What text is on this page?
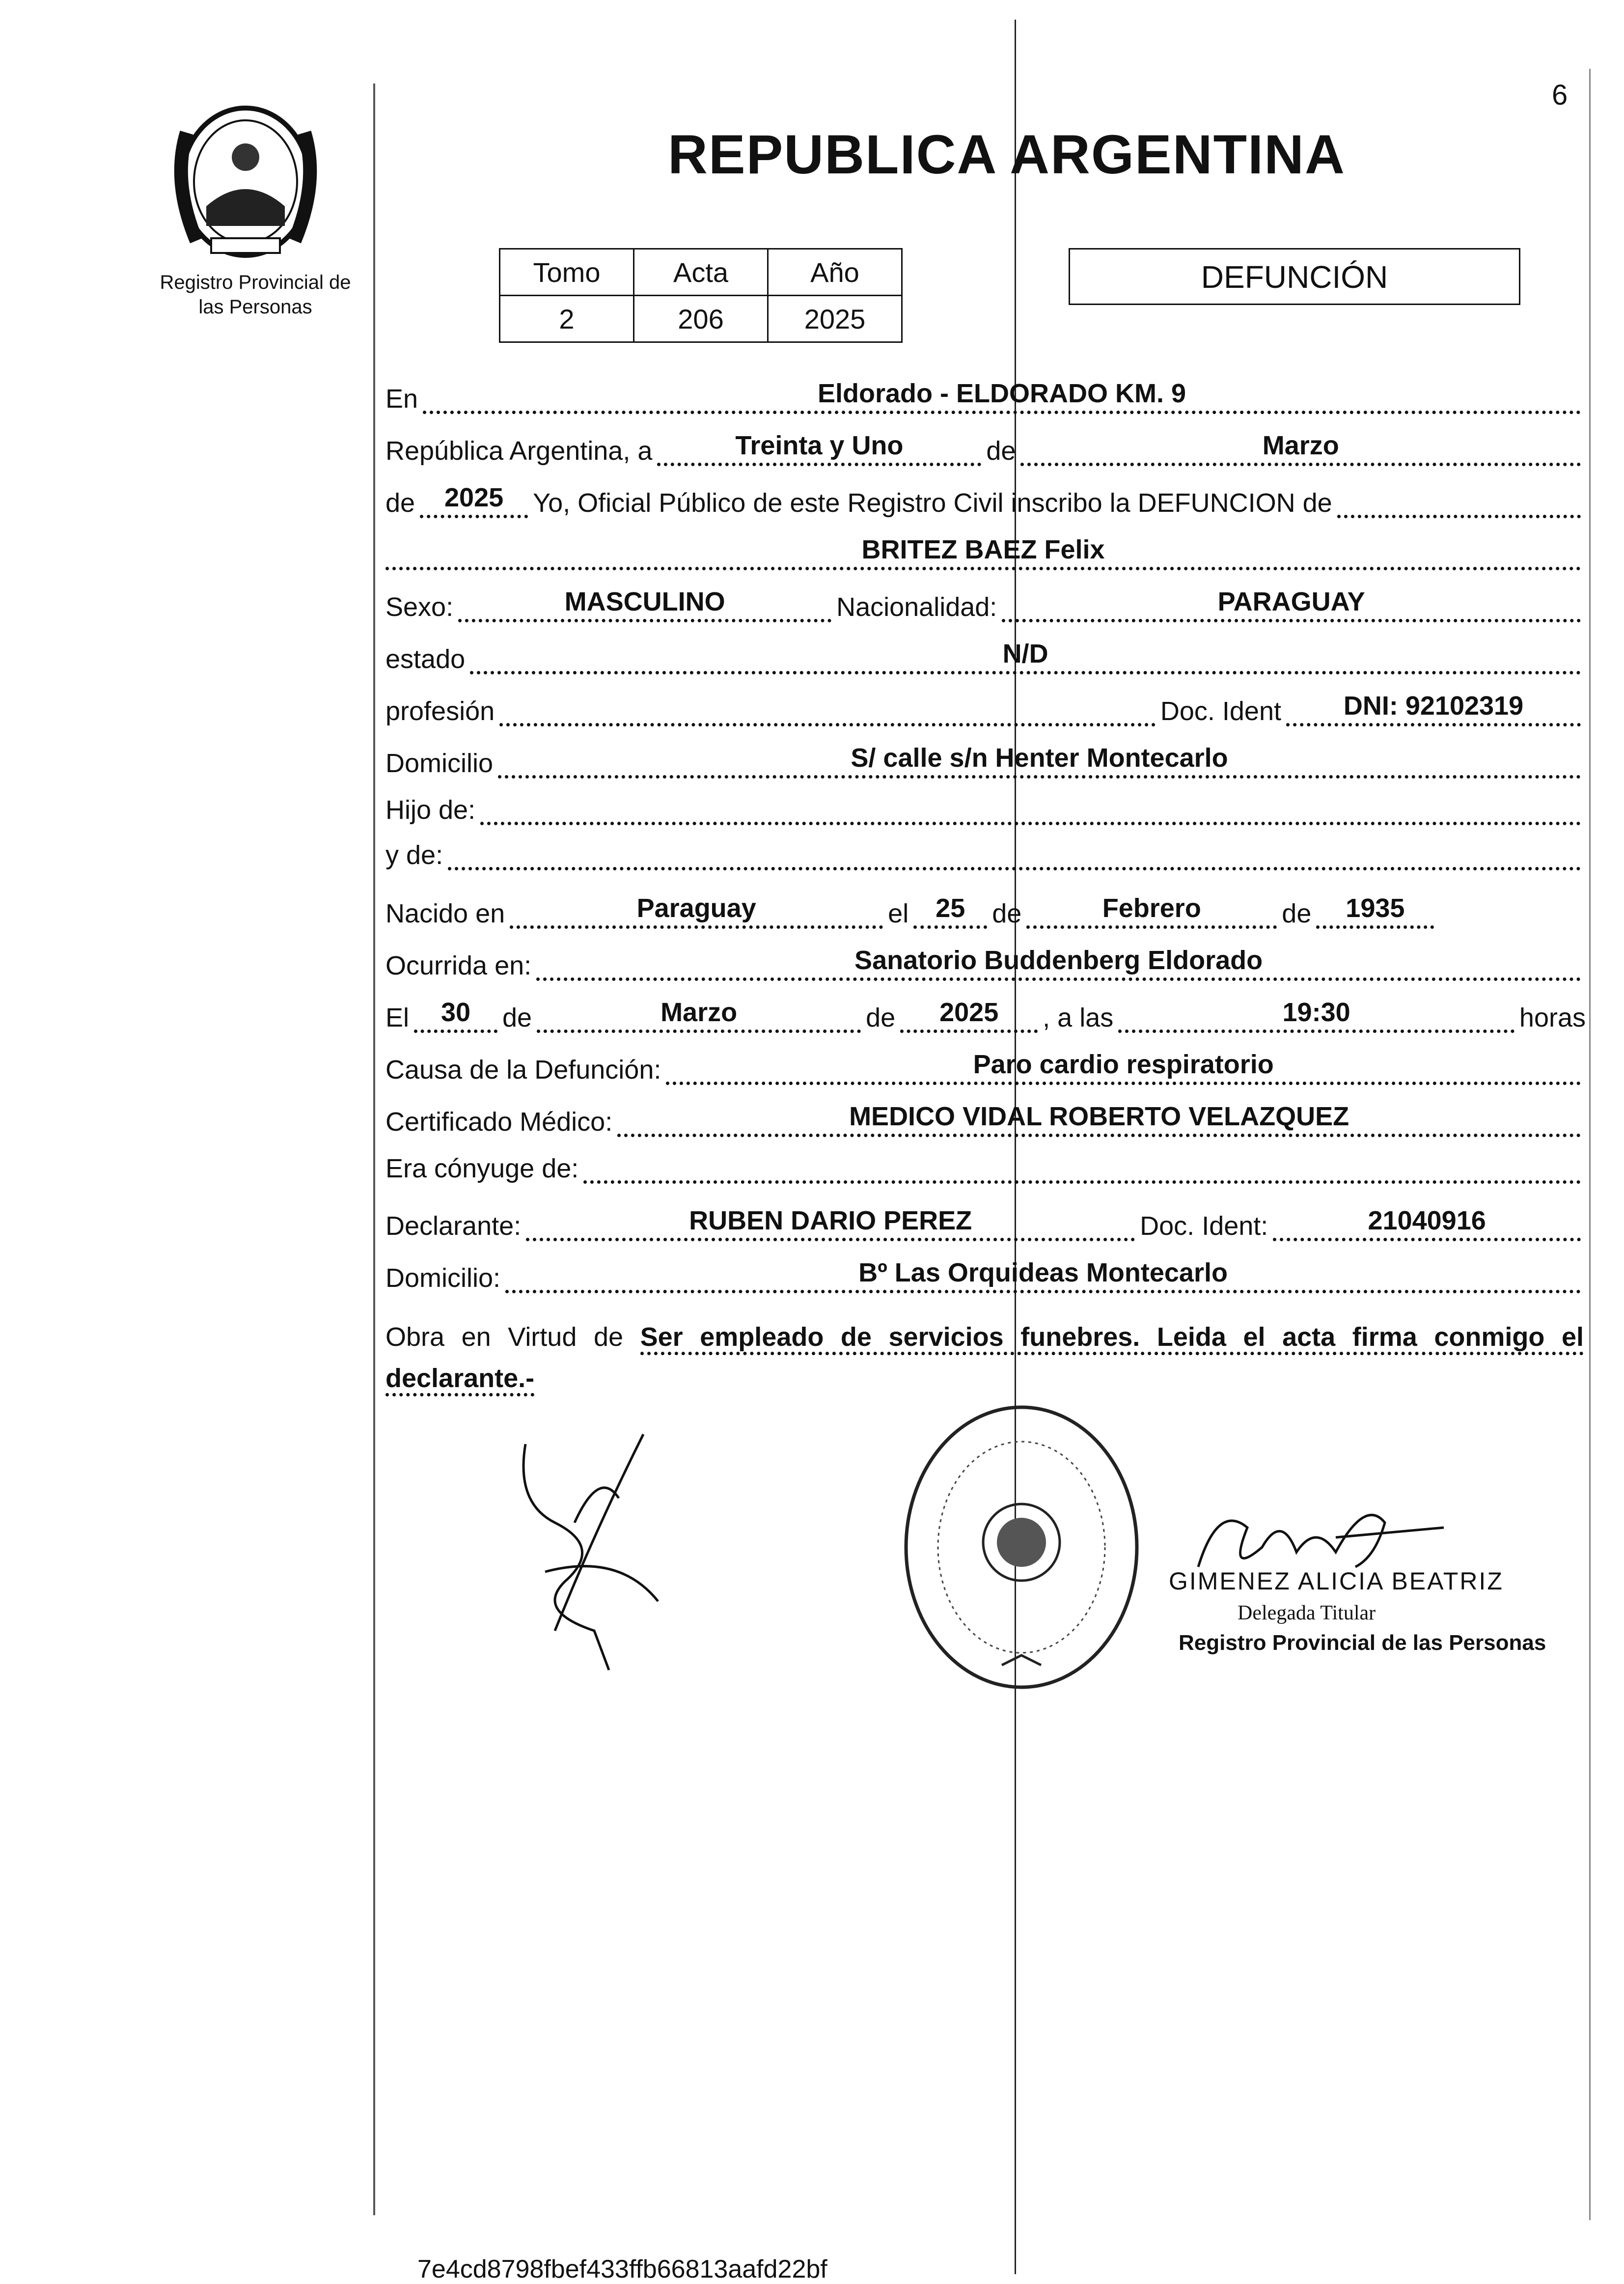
6
Registro Provincial de
las Personas
REPUBLICA ARGENTINA
Tomo	Acta	Año
2	206	2025
DEFUNCIÓN
En	Eldorado - ELDORADO KM. 9
República Argentina, a	Treinta y Uno	de	Marzo
de	2025	Yo, Oficial Público de este Registro Civil inscribo la DEFUNCION de
BRITEZ BAEZ Felix
Sexo:	MASCULINO	Nacionalidad:	PARAGUAY
estado	N/D
profesión	Doc. Ident	DNI: 92102319
Domicilio	S/ calle s/n Henter Montecarlo
Hijo de:
y de:
Nacido en	Paraguay	el	25	de	Febrero	de	1935
Ocurrida en:	Sanatorio Buddenberg Eldorado
El	30	de	Marzo	de	2025	, a las	19:30	horas
Causa de la Defunción:	Paro cardio respiratorio
Certificado Médico:	MEDICO VIDAL ROBERTO VELAZQUEZ
Era cónyuge de:
Declarante:	RUBEN DARIO PEREZ	Doc. Ident:	21040916
Domicilio:	Bº Las Orquideas Montecarlo
Obra en Virtud de Ser empleado de servicios funebres. Leida el acta firma conmigo el declarante.-
GIMENEZ ALICIA BEATRIZ
Delegada Titular
Registro Provincial de las Personas
7e4cd8798fbef433ffb66813aafd22bf
